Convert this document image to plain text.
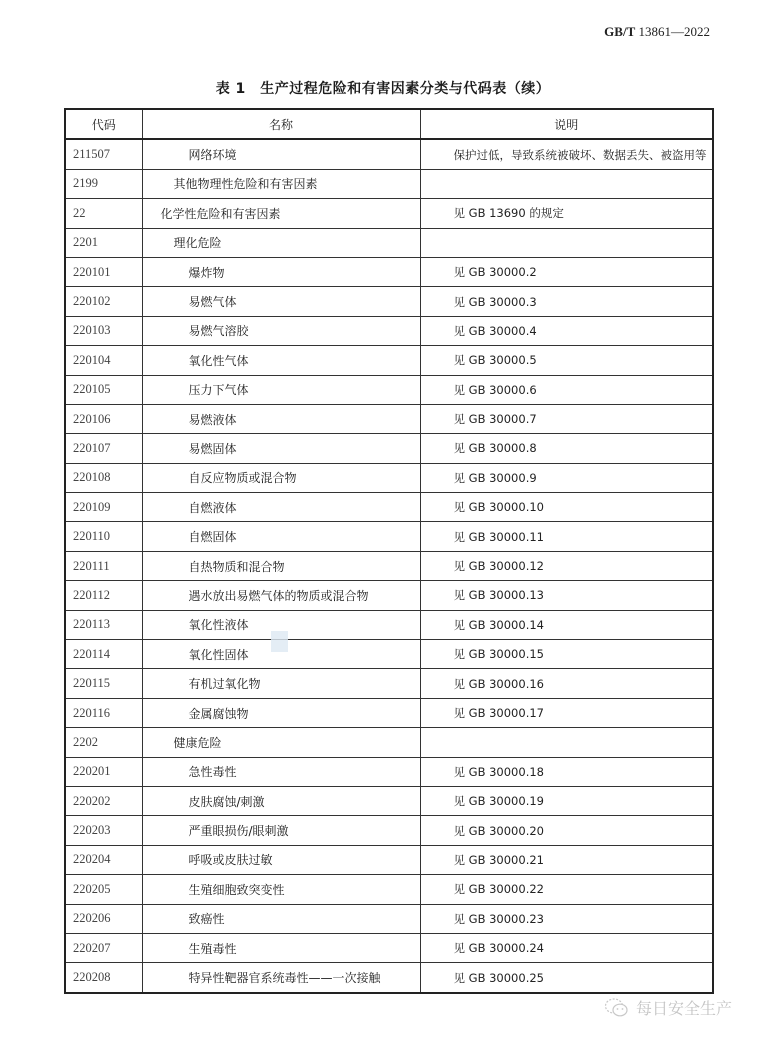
GB/T 13861—2022
表 1　生产过程危险和有害因素分类与代码表（续）
代码	名称	说明
211507	网络环境	保护过低，导致系统被破坏、数据丢失、被盗用等
2199	其他物理性危险和有害因素	
22	化学性危险和有害因素	见 GB 13690 的规定
2201	理化危险	
220101	爆炸物	见 GB 30000.2
220102	易燃气体	见 GB 30000.3
220103	易燃气溶胶	见 GB 30000.4
220104	氧化性气体	见 GB 30000.5
220105	压力下气体	见 GB 30000.6
220106	易燃液体	见 GB 30000.7
220107	易燃固体	见 GB 30000.8
220108	自反应物质或混合物	见 GB 30000.9
220109	自燃液体	见 GB 30000.10
220110	自燃固体	见 GB 30000.11
220111	自热物质和混合物	见 GB 30000.12
220112	遇水放出易燃气体的物质或混合物	见 GB 30000.13
220113	氧化性液体	见 GB 30000.14
220114	氧化性固体	见 GB 30000.15
220115	有机过氧化物	见 GB 30000.16
220116	金属腐蚀物	见 GB 30000.17
2202	健康危险	
220201	急性毒性	见 GB 30000.18
220202	皮肤腐蚀/刺激	见 GB 30000.19
220203	严重眼损伤/眼刺激	见 GB 30000.20
220204	呼吸或皮肤过敏	见 GB 30000.21
220205	生殖细胞致突变性	见 GB 30000.22
220206	致癌性	见 GB 30000.23
220207	生殖毒性	见 GB 30000.24
220208	特异性靶器官系统毒性——一次接触	见 GB 30000.25
每日安全生产
